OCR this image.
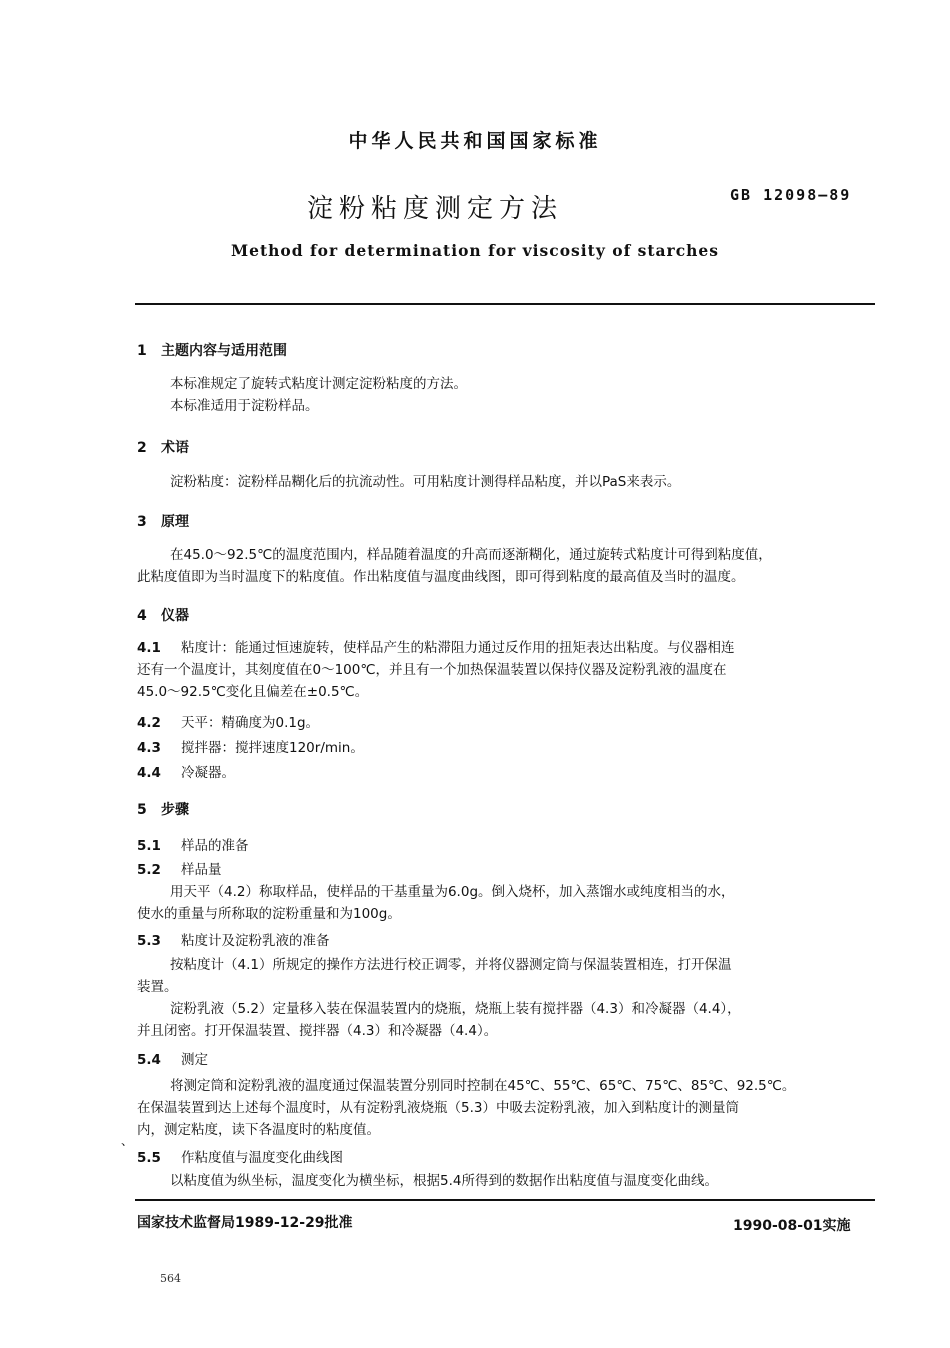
中华人民共和国国家标准
淀粉粘度测定方法	GB 12098—89
Method for determination for viscosity of starches
1 主题内容与适用范围
本标准规定了旋转式粘度计测定淀粉粘度的方法。
本标准适用于淀粉样品。
2 术语
淀粉粘度：淀粉样品糊化后的抗流动性。可用粘度计测得样品粘度，并以PaS来表示。
3 原理
在45.0～92.5℃的温度范围内，样品随着温度的升高而逐渐糊化，通过旋转式粘度计可得到粘度值，
此粘度值即为当时温度下的粘度值。作出粘度值与温度曲线图，即可得到粘度的最高值及当时的温度。
4 仪器
4.1 粘度计：能通过恒速旋转，使样品产生的粘滞阻力通过反作用的扭矩表达出粘度。与仪器相连
还有一个温度计，其刻度值在0～100℃，并且有一个加热保温装置以保持仪器及淀粉乳液的温度在
45.0～92.5℃变化且偏差在±0.5℃。
4.2 天平：精确度为0.1g。
4.3 搅拌器：搅拌速度120r/min。
4.4 冷凝器。
5 步骤
5.1 样品的准备
5.2 样品量
用天平（4.2）称取样品，使样品的干基重量为6.0g。倒入烧杯，加入蒸馏水或纯度相当的水，
使水的重量与所称取的淀粉重量和为100g。
5.3 粘度计及淀粉乳液的准备
按粘度计（4.1）所规定的操作方法进行校正调零，并将仪器测定筒与保温装置相连，打开保温
装置。
淀粉乳液（5.2）定量移入装在保温装置内的烧瓶，烧瓶上装有搅拌器（4.3）和冷凝器（4.4），
并且闭密。打开保温装置、搅拌器（4.3）和冷凝器（4.4）。
5.4 测定
将测定筒和淀粉乳液的温度通过保温装置分别同时控制在45℃、55℃、65℃、75℃、85℃、92.5℃。
在保温装置到达上述每个温度时，从有淀粉乳液烧瓶（5.3）中吸去淀粉乳液，加入到粘度计的测量筒
内，测定粘度，读下各温度时的粘度值。
、
5.5 作粘度值与温度变化曲线图
以粘度值为纵坐标，温度变化为横坐标，根据5.4所得到的数据作出粘度值与温度变化曲线。
国家技术监督局1989-12-29批准	1990-08-01实施
564
